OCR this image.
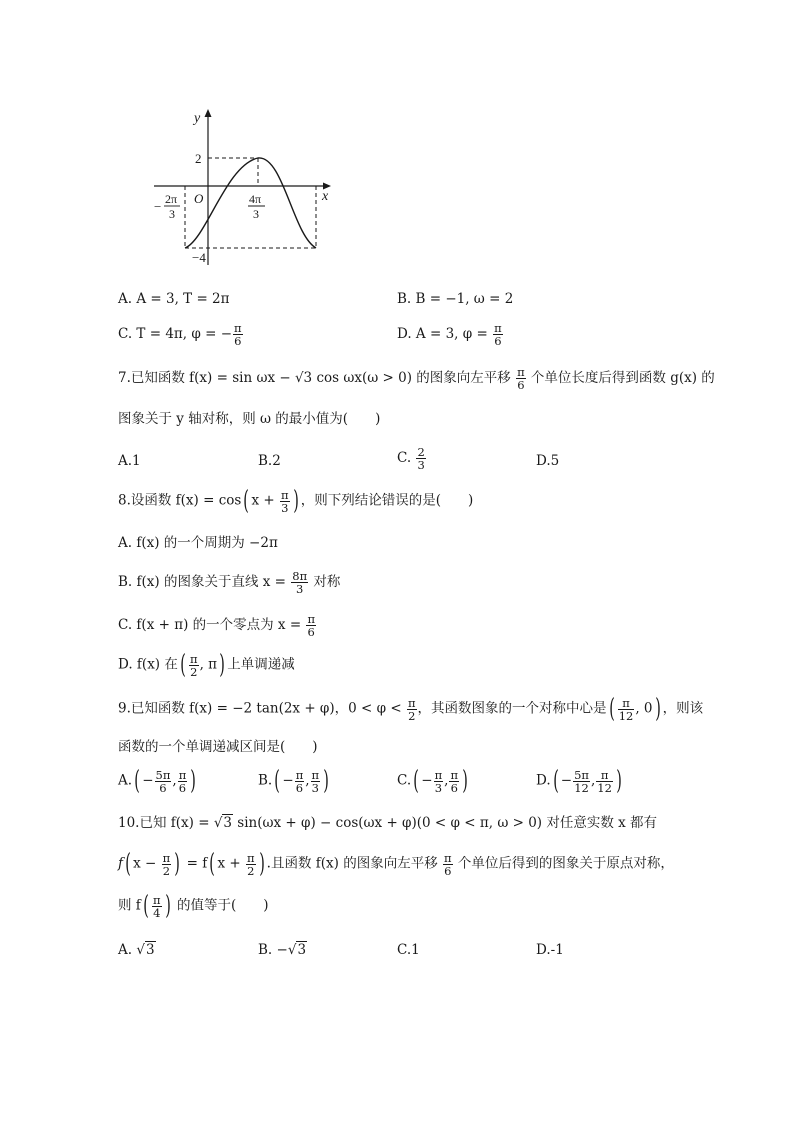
y
x
O
2
−4
− 2π
3
4π
3
A. A = 3, T = 2π	B. B = −1, ω = 2
C. T = 4π, φ = − $\frac{\pi}{6}$	D. A = 3, $\varphi = \frac{\pi}{6}$
7.已知函数 f(x) = sin ωx − √3 cos ωx(ω > 0) 的图象向左平移 $\frac{\pi}{6}$ 个单位长度后得到函数 g(x) 的
图象关于 y 轴对称，则 ω 的最小值为(　　)
A.1	B.2	C. $\frac{2}{3}$	D.5
8.设函数 f(x) = cos( $x + \frac{\pi}{3}$ ) ，则下列结论错误的是(　　)
A. f(x) 的一个周期为 −2π
B. f(x) 的图象关于直线 $x = \frac{8\pi}{3}$ 对称
C. f(x + π) 的一个零点为 $x = \frac{\pi}{6}$
D. f(x) 在( $\frac{\pi}{2}$ , π) 上单调递减
9.已知函数 f(x) = −2 tan(2x + φ)，$0 < \varphi < \frac{\pi}{2}$ ，其函数图象的一个对称中心是( $\frac{\pi}{12}$ , 0) ，则该
函数的一个单调递减区间是(　　)
$A.( - \frac{5\pi}{6}$ , $\frac{\pi}{6}$ )	$B.( - \frac{\pi}{6}$ , $\frac{\pi}{3}$ )	$C.( - \frac{\pi}{3}$ , $\frac{\pi}{6}$ )	$D.( - \frac{5\pi}{12}$ , $\frac{\pi}{12}$ )
10.已知 f(x) = √3 sin(ωx + φ) − cos(ωx + φ)(0 < φ < π, ω > 0) 对任意实数 x 都有
f( $x - \frac{\pi}{2}$ ) = f( $x + \frac{\pi}{2}$ ) .且函数 f(x) 的图象向左平移 $\frac{\pi}{6}$ 个单位后得到的图象关于原点对称，
则 $f( \frac{\pi}{4}$ ) 的值等于(　　)
A. √3	B. −√3	C.1	D.-1
